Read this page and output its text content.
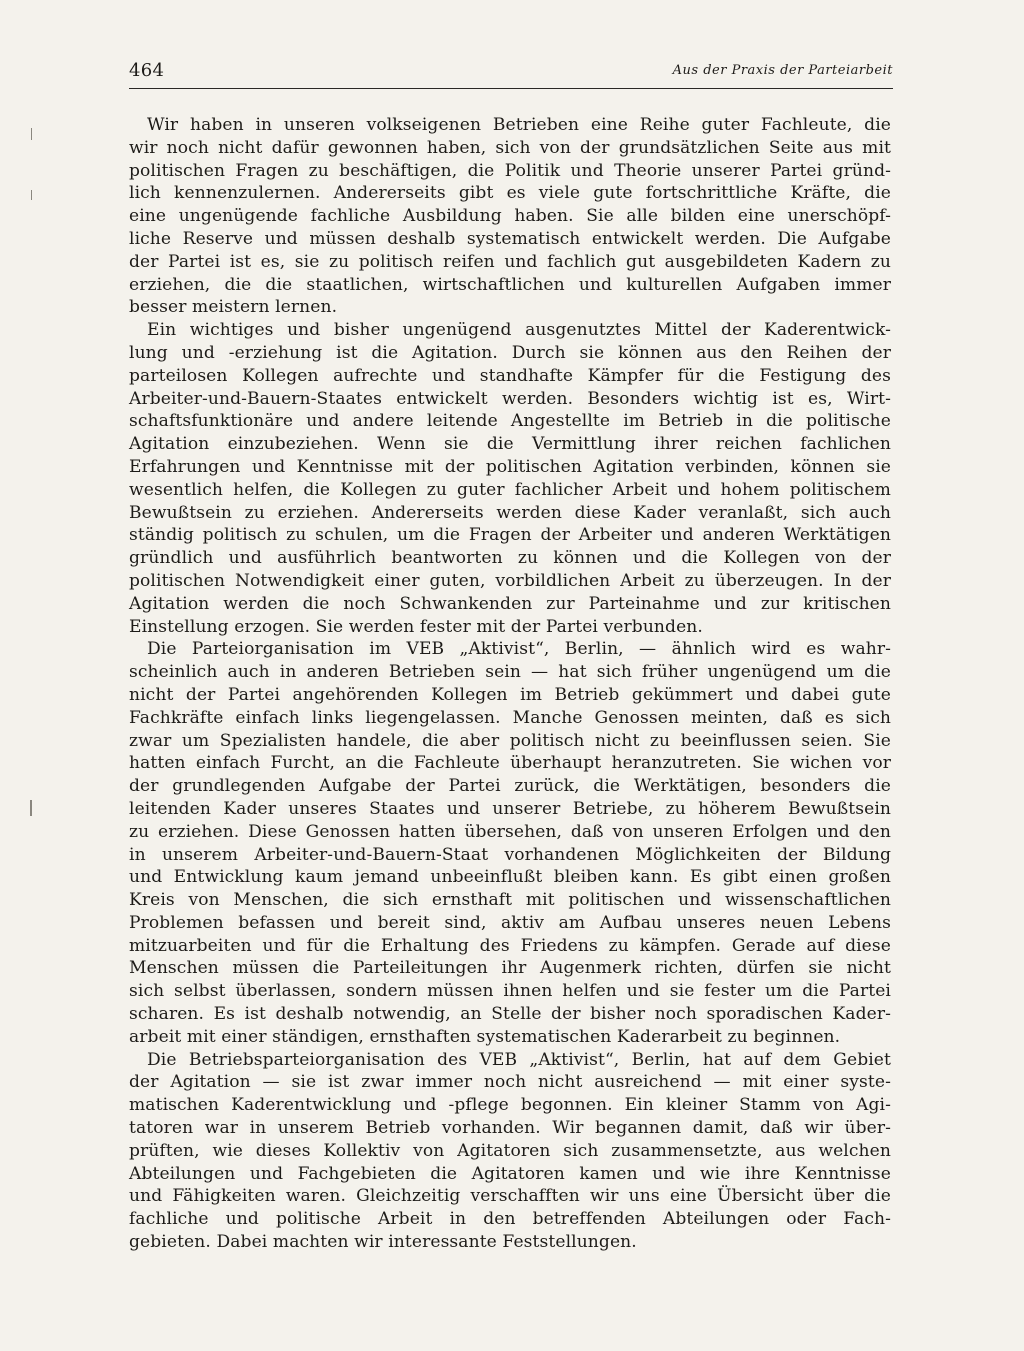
464	Aus der Praxis der Parteiarbeit
Wir haben in unseren volkseigenen Betrieben eine Reihe guter Fachleute, die
wir noch nicht dafür gewonnen haben, sich von der grundsätzlichen Seite aus mit
politischen Fragen zu beschäftigen, die Politik und Theorie unserer Partei gründ-
lich kennenzulernen. Andererseits gibt es viele gute fortschrittliche Kräfte, die
eine ungenügende fachliche Ausbildung haben. Sie alle bilden eine unerschöpf-
liche Reserve und müssen deshalb systematisch entwickelt werden. Die Aufgabe
der Partei ist es, sie zu politisch reifen und fachlich gut ausgebildeten Kadern zu
erziehen, die die staatlichen, wirtschaftlichen und kulturellen Aufgaben immer
besser meistern lernen.
Ein wichtiges und bisher ungenügend ausgenutztes Mittel der Kaderentwick-
lung und -erziehung ist die Agitation. Durch sie können aus den Reihen der
parteilosen Kollegen aufrechte und standhafte Kämpfer für die Festigung des
Arbeiter-und-Bauern-Staates entwickelt werden. Besonders wichtig ist es, Wirt-
schaftsfunktionäre und andere leitende Angestellte im Betrieb in die politische
Agitation einzubeziehen. Wenn sie die Vermittlung ihrer reichen fachlichen
Erfahrungen und Kenntnisse mit der politischen Agitation verbinden, können sie
wesentlich helfen, die Kollegen zu guter fachlicher Arbeit und hohem politischem
Bewußtsein zu erziehen. Andererseits werden diese Kader veranlaßt, sich auch
ständig politisch zu schulen, um die Fragen der Arbeiter und anderen Werktätigen
gründlich und ausführlich beantworten zu können und die Kollegen von der
politischen Notwendigkeit einer guten, vorbildlichen Arbeit zu überzeugen. In der
Agitation werden die noch Schwankenden zur Parteinahme und zur kritischen
Einstellung erzogen. Sie werden fester mit der Partei verbunden.
Die Parteiorganisation im VEB „Aktivist“, Berlin, — ähnlich wird es wahr-
scheinlich auch in anderen Betrieben sein — hat sich früher ungenügend um die
nicht der Partei angehörenden Kollegen im Betrieb gekümmert und dabei gute
Fachkräfte einfach links liegengelassen. Manche Genossen meinten, daß es sich
zwar um Spezialisten handele, die aber politisch nicht zu beeinflussen seien. Sie
hatten einfach Furcht, an die Fachleute überhaupt heranzutreten. Sie wichen vor
der grundlegenden Aufgabe der Partei zurück, die Werktätigen, besonders die
leitenden Kader unseres Staates und unserer Betriebe, zu höherem Bewußtsein
zu erziehen. Diese Genossen hatten übersehen, daß von unseren Erfolgen und den
in unserem Arbeiter-und-Bauern-Staat vorhandenen Möglichkeiten der Bildung
und Entwicklung kaum jemand unbeeinflußt bleiben kann. Es gibt einen großen
Kreis von Menschen, die sich ernsthaft mit politischen und wissenschaftlichen
Problemen befassen und bereit sind, aktiv am Aufbau unseres neuen Lebens
mitzuarbeiten und für die Erhaltung des Friedens zu kämpfen. Gerade auf diese
Menschen müssen die Parteileitungen ihr Augenmerk richten, dürfen sie nicht
sich selbst überlassen, sondern müssen ihnen helfen und sie fester um die Partei
scharen. Es ist deshalb notwendig, an Stelle der bisher noch sporadischen Kader-
arbeit mit einer ständigen, ernsthaften systematischen Kaderarbeit zu beginnen.
Die Betriebsparteiorganisation des VEB „Aktivist“, Berlin, hat auf dem Gebiet
der Agitation — sie ist zwar immer noch nicht ausreichend — mit einer syste-
matischen Kaderentwicklung und -pflege begonnen. Ein kleiner Stamm von Agi-
tatoren war in unserem Betrieb vorhanden. Wir begannen damit, daß wir über-
prüften, wie dieses Kollektiv von Agitatoren sich zusammensetzte, aus welchen
Abteilungen und Fachgebieten die Agitatoren kamen und wie ihre Kenntnisse
und Fähigkeiten waren. Gleichzeitig verschafften wir uns eine Übersicht über die
fachliche und politische Arbeit in den betreffenden Abteilungen oder Fach-
gebieten. Dabei machten wir interessante Feststellungen.
